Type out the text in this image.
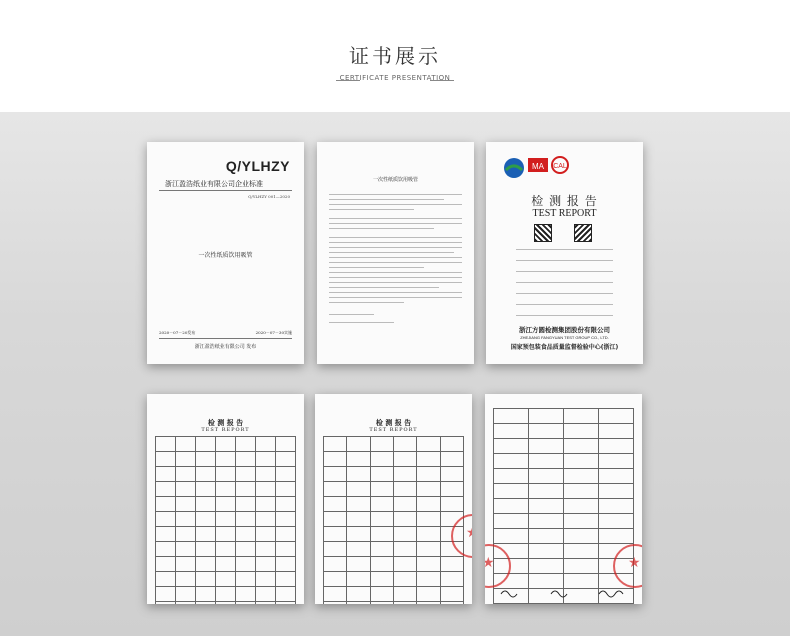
证书展示
CERTIFICATE PRESENTATION
Q/YLHZY
浙江盈浩纸业有限公司企业标准
Q/YLHZY 001—2020
一次性纸质饮用吸管
2020－07－20发布	2020－07－30实施
浙江盈浩纸业有限公司 发布
一次性纸质饮用吸管
MA CAL
检 测 报 告
TEST REPORT
浙江方圆检测集团股份有限公司
ZHEJIANG FANGYUAN TEST GROUP CO., LTD.
国家预包装食品质量监督检验中心(浙江)
检 测 报 告
TEST REPORT

检 测 报 告
TEST REPORT

★

★
★
